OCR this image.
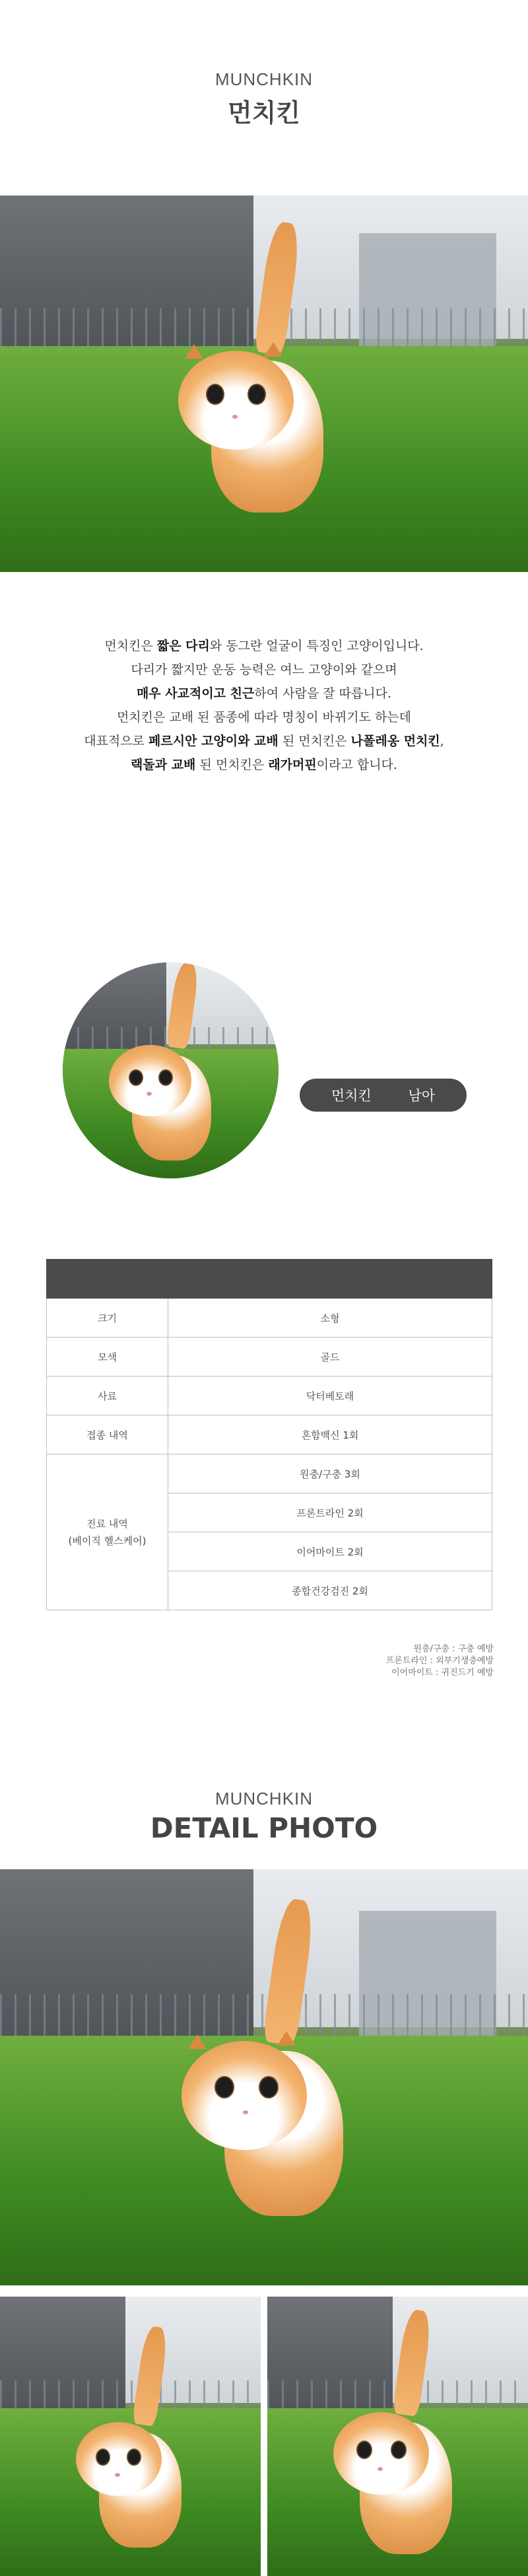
MUNCHKIN
먼치킨
먼치킨은 짧은 다리와 동그란 얼굴이 특징인 고양이입니다.
다리가 짧지만 운동 능력은 여느 고양이와 같으며
매우 사교적이고 친근하여 사람을 잘 따릅니다.
먼치킨은 교배 된 품종에 따라 명칭이 바뀌기도 하는데
대표적으로 페르시안 고양이와 교배 된 먼치킨은 나폴레옹 먼치킨,
랙돌과 교배 된 먼치킨은 래가머핀이라고 합니다.
먼치킨	남아

크기	소형
모색	골드
사료	닥터베토래
접종 내역	혼합백신 1회

진료 내역
(베이직 헬스케어)	원충/구충 3회
	프론트라인 2회
	이어마이트 2회
	종합건강검진 2회
원충/구충 : 구충 예방
프론트라인 : 외부기생충예방
이어마이트 : 귀진드기 예방
MUNCHKIN
DETAIL PHOTO
